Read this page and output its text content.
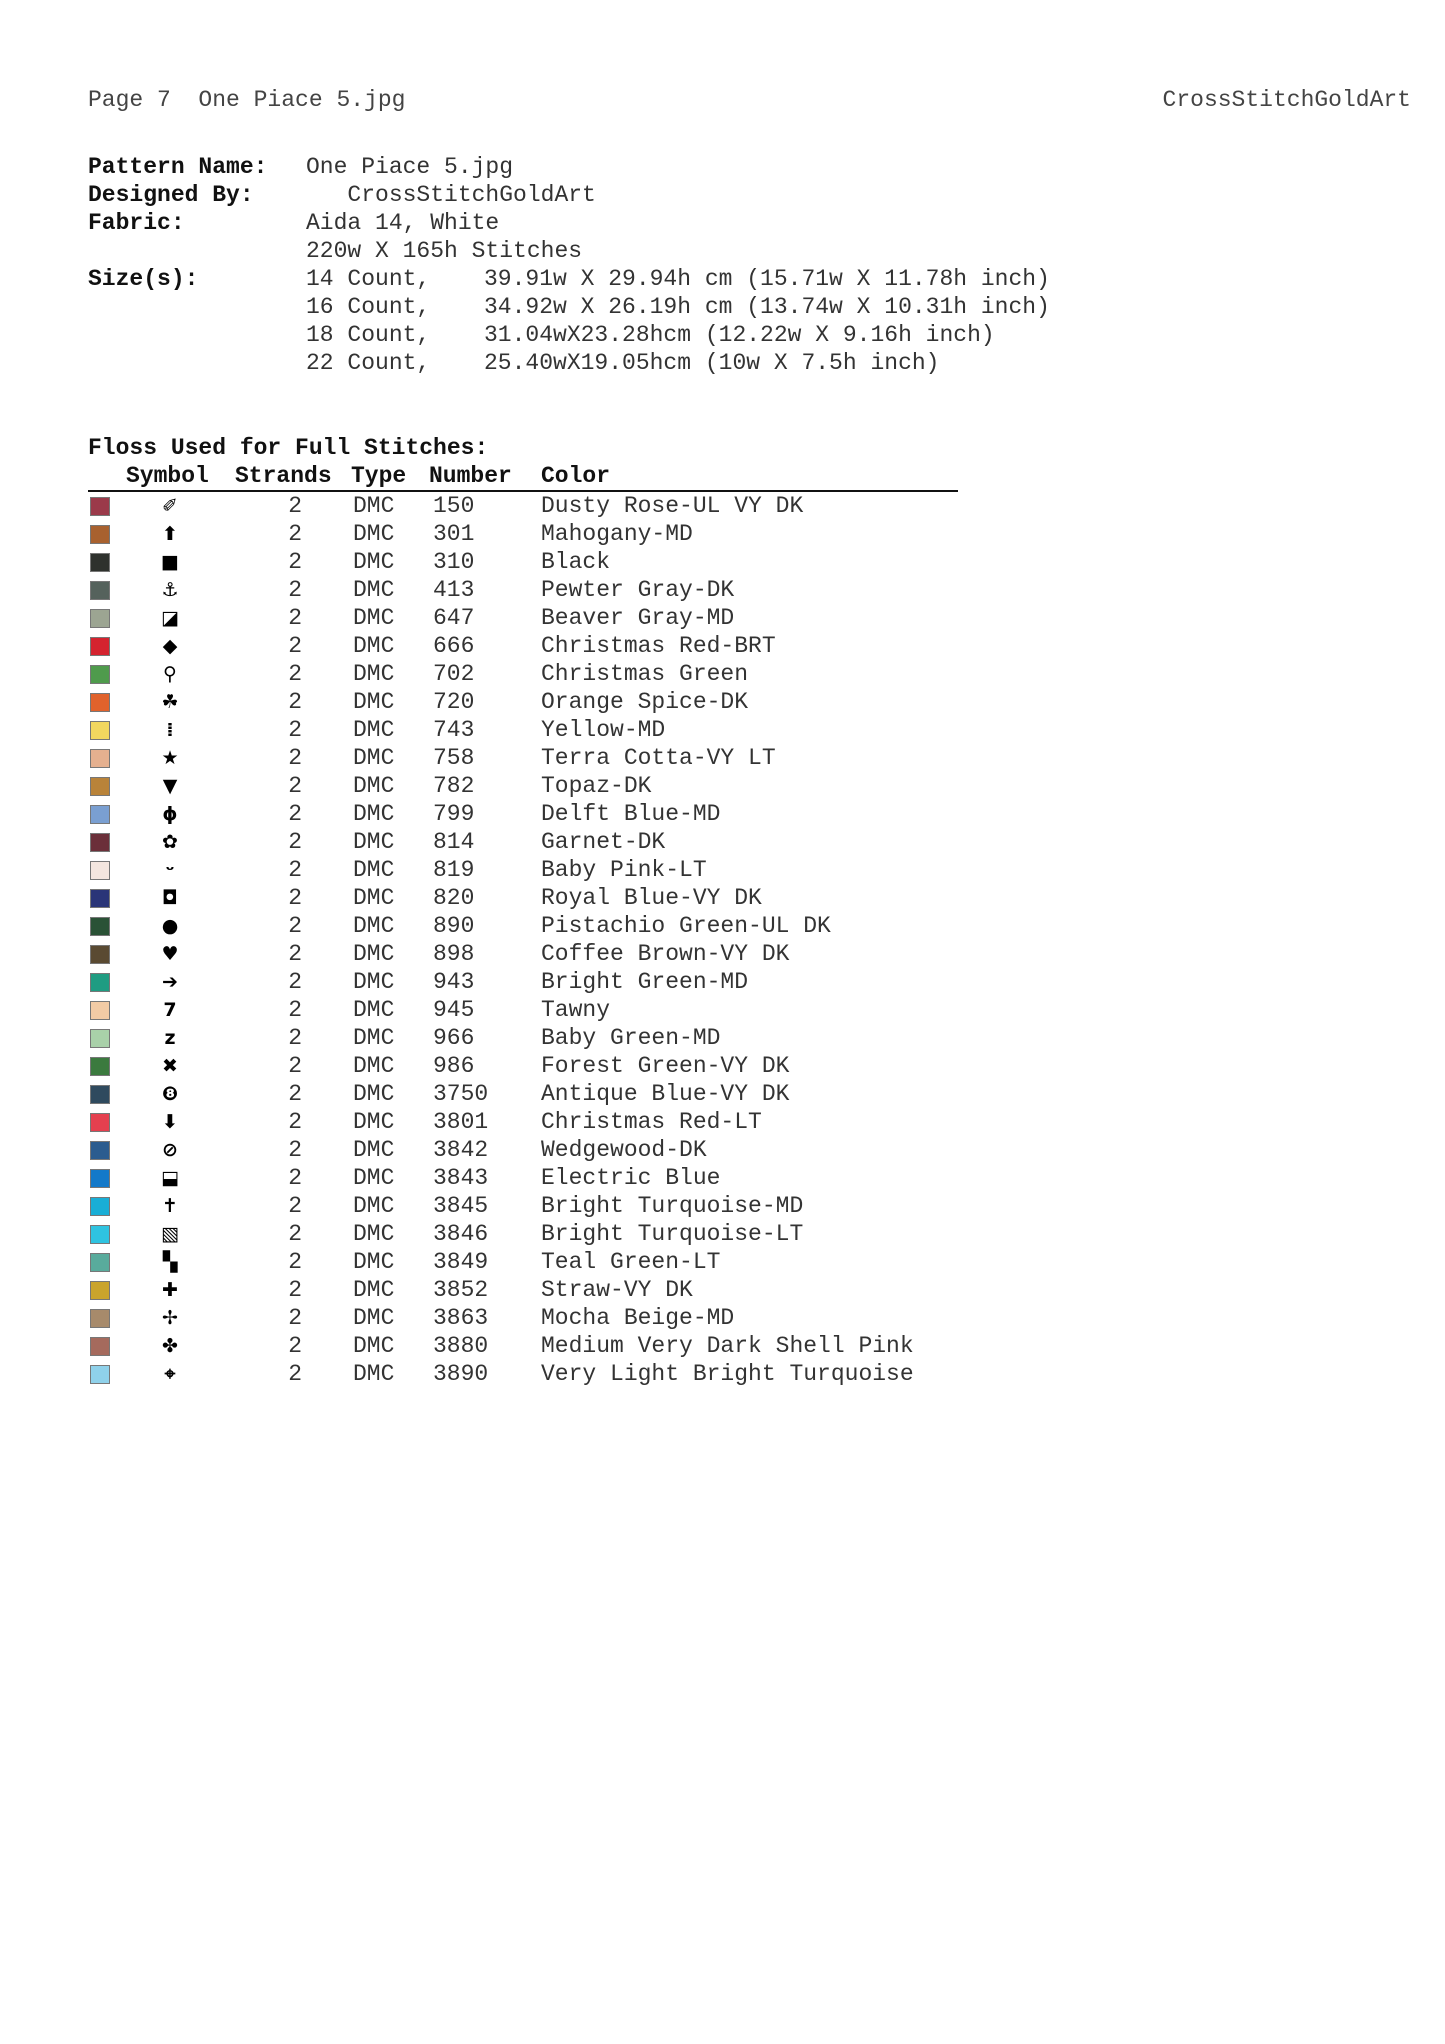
Page 7  One Piace 5.jpg	CrossStitchGoldArt
Pattern Name:	One Piace 5.jpg
Designed By:	CrossStitchGoldArt
Fabric:	Aida 14, White
220w X 165h Stitches
Size(s):	14 Count, 39.91w X 29.94h cm (15.71w X 11.78h inch)
16 Count, 34.92w X 26.19h cm (13.74w X 10.31h inch)
18 Count, 31.04wX23.28hcm (12.22w X 9.16h inch)
22 Count, 25.40wX19.05hcm (10w X 7.5h inch)
Floss Used for Full Stitches:
Symbol Strands Type Number Color
✐	2 DMC 150	Dusty Rose-UL VY DK
⬆	2 DMC 301	Mahogany-MD
■	2 DMC 310	Black
⚓	2 DMC 413	Pewter Gray-DK
◪	2 DMC 647	Beaver Gray-MD
◆	2 DMC 666	Christmas Red-BRT
⚲	2 DMC 702	Christmas Green
☘	2 DMC 720	Orange Spice-DK
⁞	2 DMC 743	Yellow-MD
★	2 DMC 758	Terra Cotta-VY LT
▼	2 DMC 782	Topaz-DK
ɸ	2 DMC 799	Delft Blue-MD
✿	2 DMC 814	Garnet-DK
ᵕ	2 DMC 819	Baby Pink-LT
◘	2 DMC 820	Royal Blue-VY DK
●	2 DMC 890	Pistachio Green-UL DK
♥	2 DMC 898	Coffee Brown-VY DK
➔	2 DMC 943	Bright Green-MD
7	2 DMC 945	Tawny
z	2 DMC 966	Baby Green-MD
✖	2 DMC 986	Forest Green-VY DK
❽	2 DMC 3750 Antique Blue-VY DK
⬇	2 DMC 3801 Christmas Red-LT
⊘	2 DMC 3842 Wedgewood-DK
⬓	2 DMC 3843 Electric Blue
✝	2 DMC 3845 Bright Turquoise-MD
▧	2 DMC 3846 Bright Turquoise-LT
▚	2 DMC 3849 Teal Green-LT
✚	2 DMC 3852 Straw-VY DK
✢	2 DMC 3863 Mocha Beige-MD
✤	2 DMC 3880 Medium Very Dark Shell Pink
⌖	2 DMC 3890 Very Light Bright Turquoise
